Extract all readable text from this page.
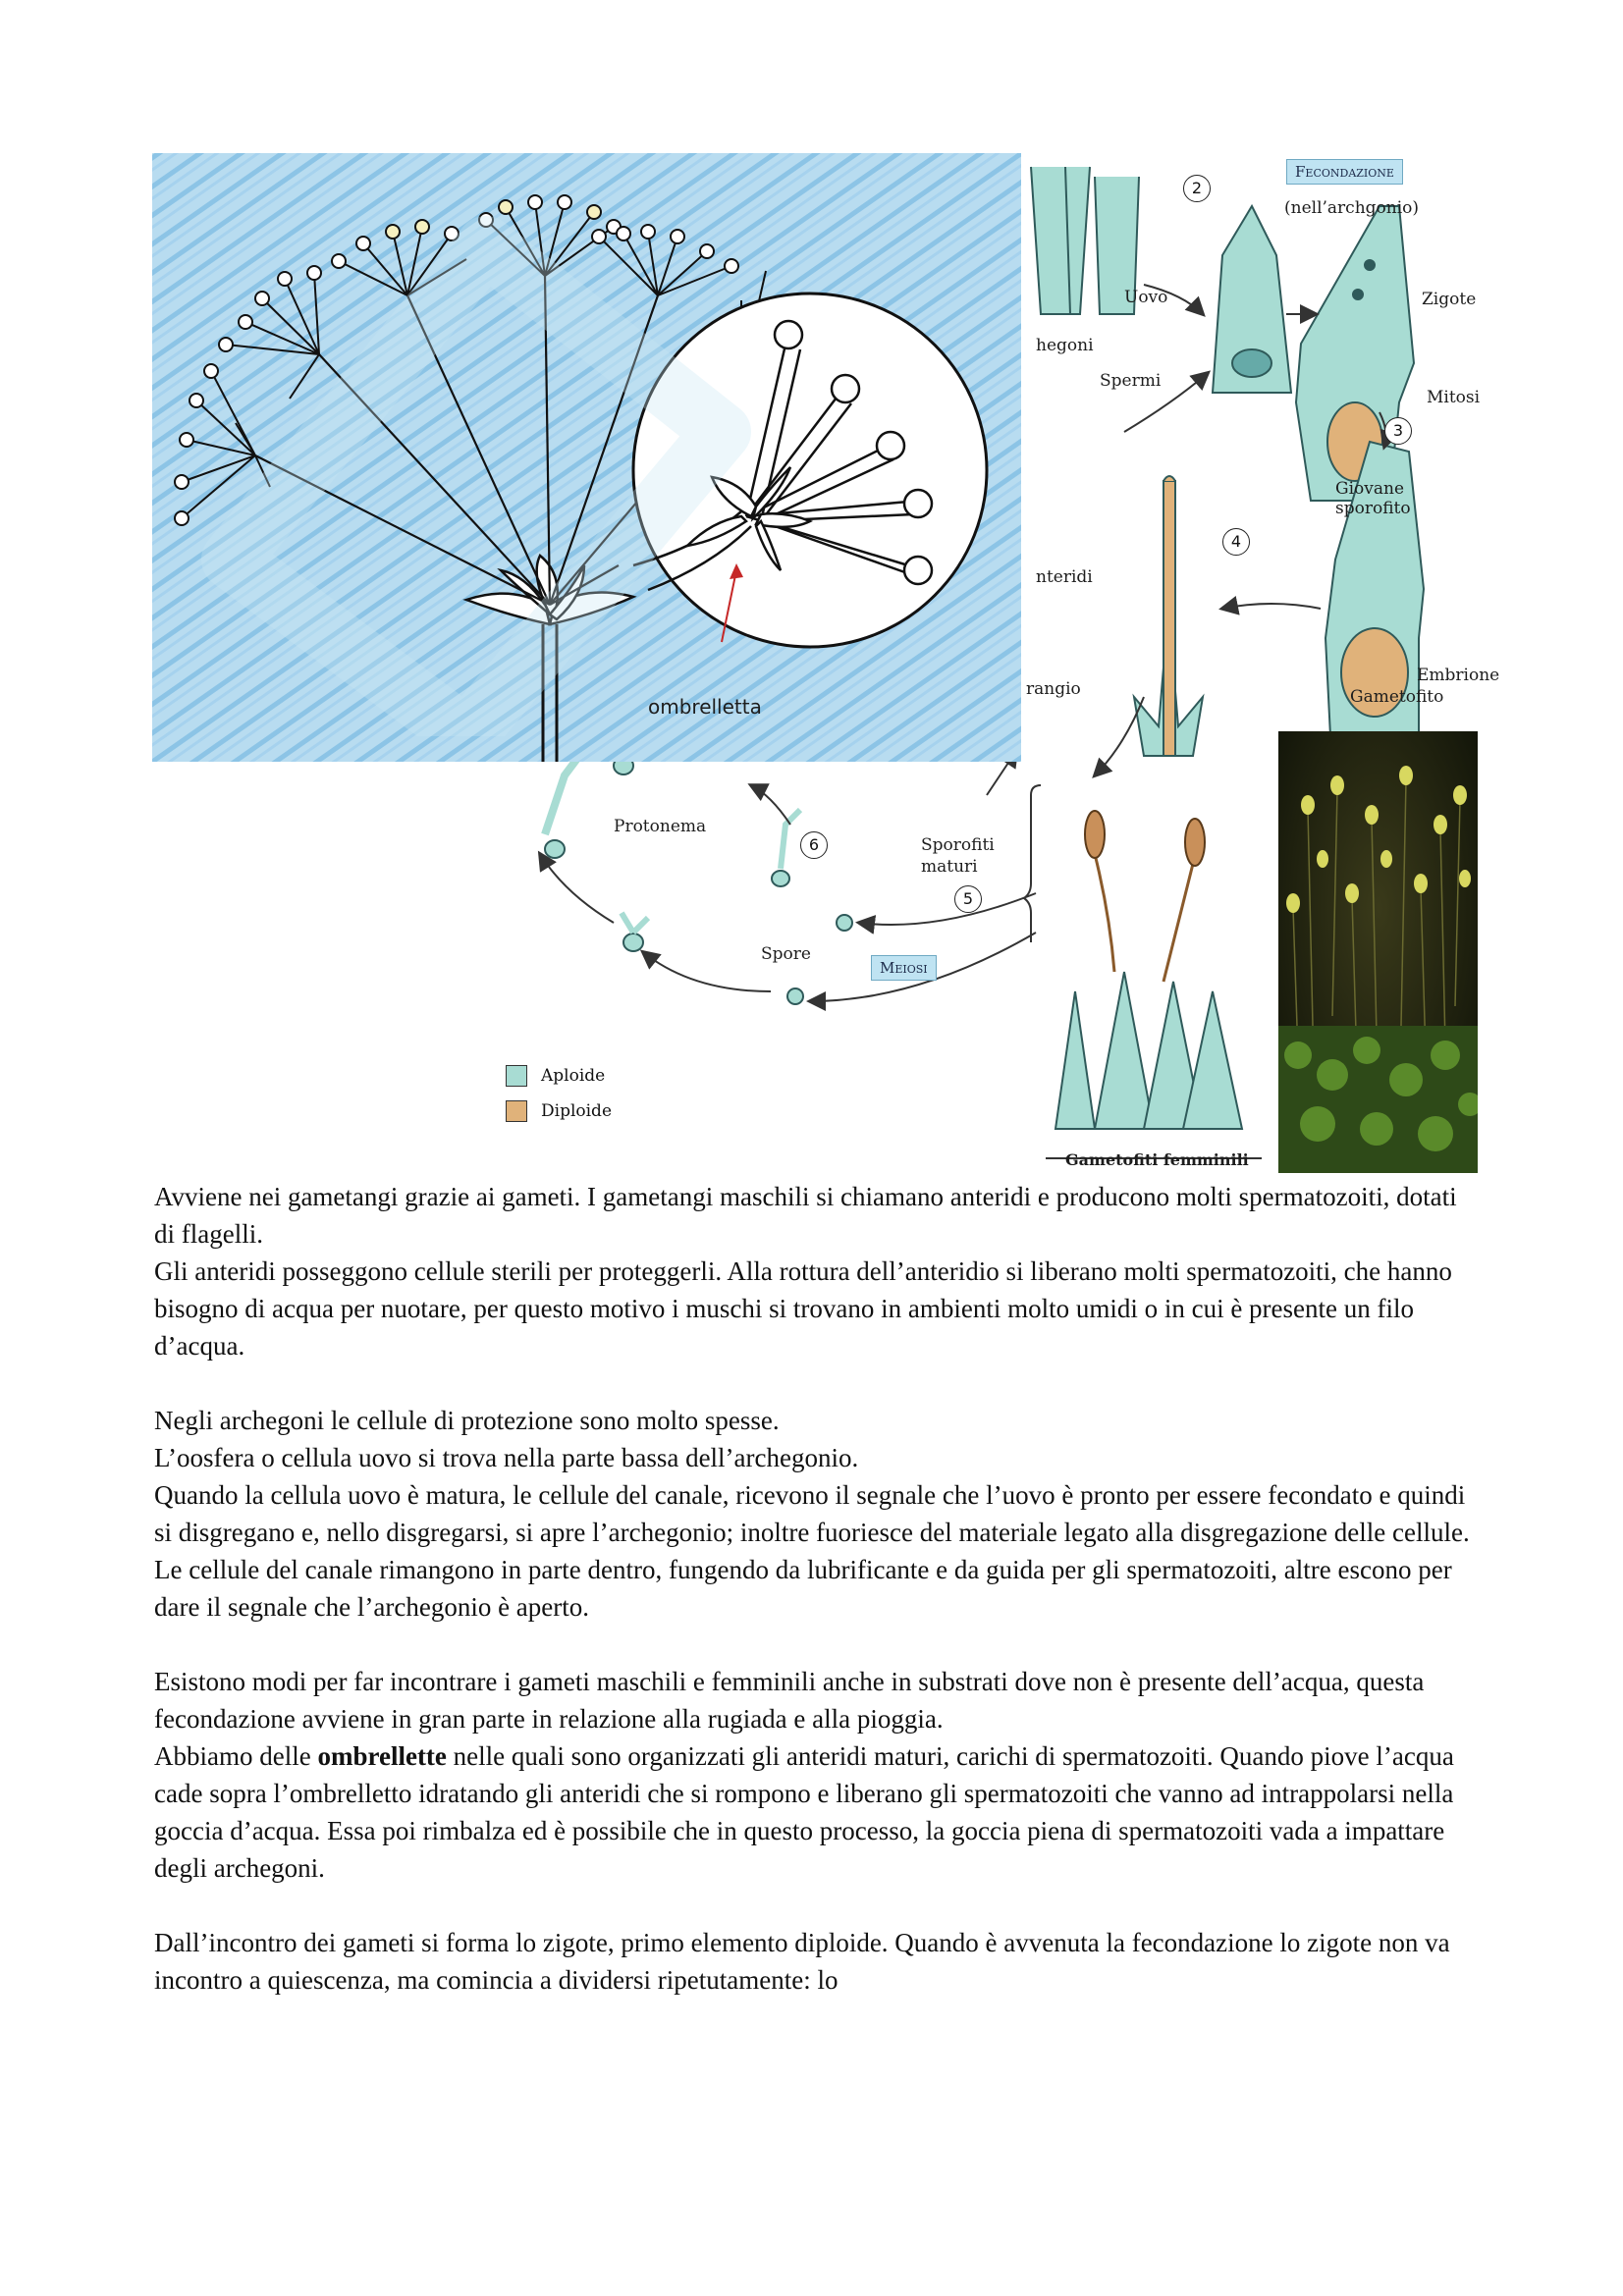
Fecondazione
(nell’archgonio)
Zigote
Mitosi
Uovo
hegoni
Spermi
nteridi
Giovane sporofito
Embrione
Gametofito
rangio
Protonema
Sporofiti maturi
Spore
Meiosi
Gametofiti femminili
2
3
4
5
6
Aploide
Diploide
ombrelletta

Avviene nei gametangi grazie ai gameti. I gametangi maschili si chiamano anteridi e producono molti spermatozoiti, dotati di flagelli.

Gli anteridi posseggono cellule sterili per proteggerli. Alla rottura dell’anteridio si liberano molti spermatozoiti, che hanno bisogno di acqua per nuotare, per questo motivo i muschi si trovano in ambienti molto umidi o in cui è presente un filo d’acqua.

Negli archegoni le cellule di protezione sono molto spesse.

L’oosfera o cellula uovo si trova nella parte bassa dell’archegonio.

Quando la cellula uovo è matura, le cellule del canale, ricevono il segnale che l’uovo è pronto per essere fecondato e quindi si disgregano e, nello disgregarsi, si apre l’archegonio; inoltre fuoriesce del materiale legato alla disgregazione delle cellule. Le cellule del canale rimangono in parte dentro, fungendo da lubrificante e da guida per gli spermatozoiti, altre escono per dare il segnale che l’archegonio è aperto.

Esistono modi per far incontrare i gameti maschili e femminili anche in substrati dove non è presente dell’acqua, questa fecondazione avviene in gran parte in relazione alla rugiada e alla pioggia.

Abbiamo delle ombrellette nelle quali sono organizzati gli anteridi maturi, carichi di spermatozoiti. Quando piove l’acqua cade sopra l’ombrelletto idratando gli anteridi che si rompono e liberano gli spermatozoiti che vanno ad intrappolarsi nella goccia d’acqua. Essa poi rimbalza ed è possibile che in questo processo, la goccia piena di spermatozoiti vada a impattare degli archegoni.

Dall’incontro dei gameti si forma lo zigote, primo elemento diploide. Quando è avvenuta la fecondazione lo zigote non va incontro a quiescenza, ma comincia a dividersi ripetutamente: lo
